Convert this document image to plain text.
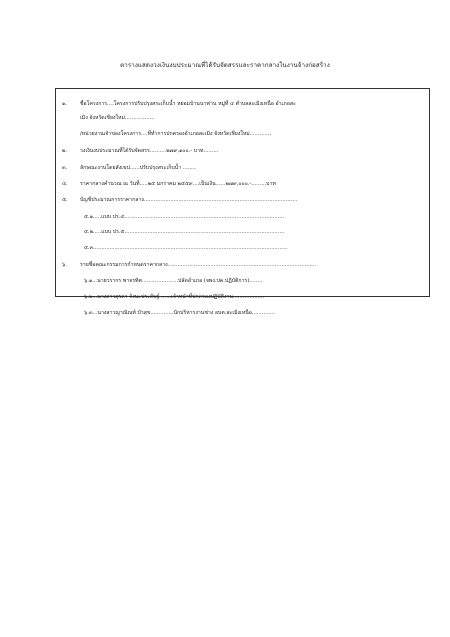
ตารางแสดงวงเงินงบประมาณที่ได้รับจัดสรรและราคากลางในงานจ้างก่อสร้าง
๑.	ชื่อโครงการ....โครงการปรับปรุงสระเก็บน้ำ หย่อมบ้านนาฟาน หมู่ที่ ๔ ตำบลสะเมิงเหนือ อำเภอสะ
เมิง จังหวัดเชียงใหม่..................
/หน่วยงานเจ้าของโครงการ....ที่ทำการปกครองอำเภอสะเมิง จังหวัดเชียงใหม่.............
๒. วงเงินงบประมาณที่ได้รับจัดสรร..........๒๗๙,๑๐๐.- บาท.........
๓. ลักษณะงานโดยสังเขป......ปรับปรุงสระเก็บน้ำ ........
๔. ราคากลางคำนวณ ณ วันที่.....๒๕ มกราคม ๒๕๕๙....เป็นเงิน......๒๗๙,๐๐๐.-.........บาท
๕. บัญชีประมาณการราคากลาง.............................................................................................
๕.๑.....แบบ ปร.๔.................................................................................................
๕.๒.....แบบ ปร.๕.................................................................................................
๕.๓......................................................................................................................
๖.	รายชื่อคณะกรรมการกำหนดราคากลาง..........................................................................................
๖.๑...นายวรากร พาจรทิศ......................ปลัดอำเภอ (จพง.ปค.ปฏิบัติการ)........
๖.๒...นางสาวสุรดา จังนะประดิษฐ์ ......เจ้าหน้าที่ปกครองปฏิบัติงาน...................
๖.๓...นางสาวญาณิณท์ บัวสุข..............นักบริหารงานช่าง อบต.สะเมิงเหนือ..............
